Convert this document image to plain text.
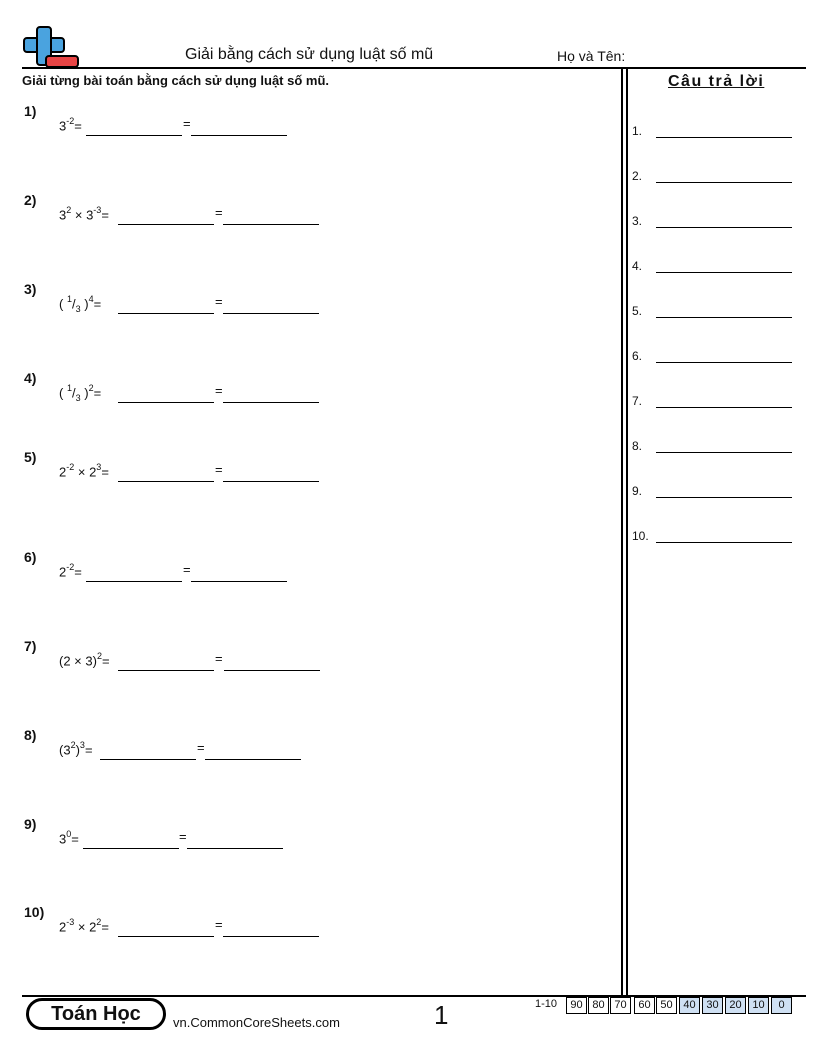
Giải bằng cách sử dụng luật số mũ	Họ và Tên:
Giải từng bài toán bằng cách sử dụng luật số mũ.	Câu trả lời
1.
2.
3.
4.
5.
6.
7.
8.
9.
10.
1)
$3^{-2}=$	=
2)
$3^2 \times 3^{-3}=$	=
3)
( $^1/_3$ )$^4$=	=
4)
( $^1/_3$ )$^2$=	=
5)
$2^{-2} \times 2^3=$	=
6)
$2^{-2}=$	=
7)
$(2 \times 3)^2=$	=
8)
$(3^2)^3=$	=
9)
$3^0=$	=
10)
$2^{-3} \times 2^2=$	=
Toán Học	vn.CommonCoreSheets.com	1	1-10	90 80 70	60 50 40 30 20 10	0
